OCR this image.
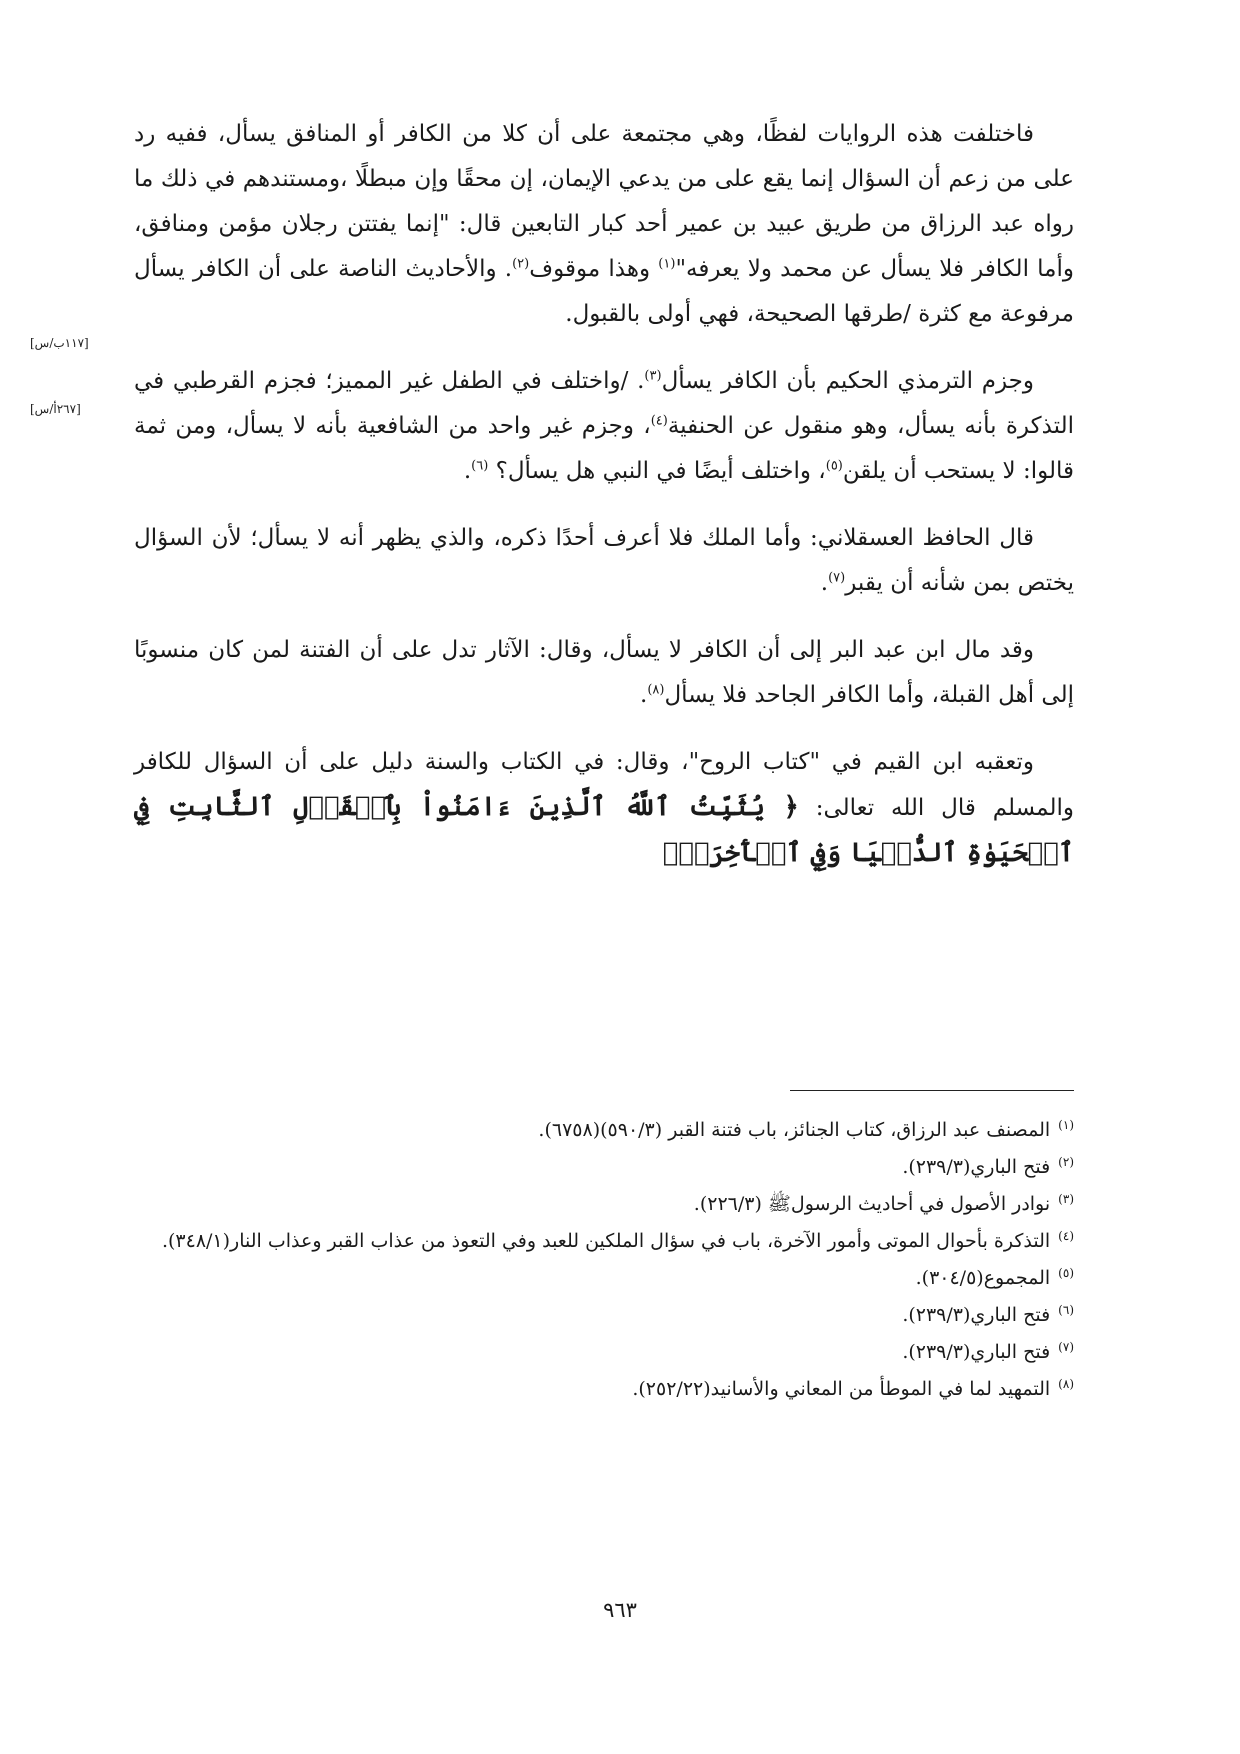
فاختلفت هذه الروايات لفظًا، وهي مجتمعة على أن كلا من الكافر أو المنافق يسأل، ففيه رد على من زعم أن السؤال إنما يقع على من يدعي الإيمان، إن محقًا وإن مبطلًا ،ومستندهم في ذلك ما رواه عبد الرزاق من طريق عبيد بن عمير أحد كبار التابعين قال: "إنما يفتتن رجلان مؤمن ومنافق، وأما الكافر فلا يسأل عن محمد ولا يعرفه"$^{(١)}$ وهذا موقوف$^{(٢)}$. والأحاديث الناصة على أن الكافر يسأل مرفوعة مع كثرة /طرقها الصحيحة، فهي أولى بالقبول.

وجزم الترمذي الحكيم بأن الكافر يسأل$^{(٣)}$. /واختلف في الطفل غير المميز؛ فجزم القرطبي في التذكرة بأنه يسأل، وهو منقول عن الحنفية$^{(٤)}$، وجزم غير واحد من الشافعية بأنه لا يسأل، ومن ثمة قالوا: لا يستحب أن يلقن$^{(٥)}$، واختلف أيضًا في النبي هل يسأل؟ $^{(٦)}$.

قال الحافظ العسقلاني: وأما الملك فلا أعرف أحدًا ذكره، والذي يظهر أنه لا يسأل؛ لأن السؤال يختص بمن شأنه أن يقبر$^{(٧)}$.

وقد مال ابن عبد البر إلى أن الكافر لا يسأل، وقال: الآثار تدل على أن الفتنة لمن كان منسوبًا إلى أهل القبلة، وأما الكافر الجاحد فلا يسأل$^{(٨)}$.

وتعقبه ابن القيم في "كتاب الروح"، وقال: في الكتاب والسنة دليل على أن السؤال للكافر والمسلم قال الله تعالى: ﴿ يُثَبِّتُ ٱللَّهُ ٱلَّذِينَ ءَامَنُواْ بِٱلۡقَوۡلِ ٱلثَّابِتِ فِي ٱلۡحَيَوٰةِ ٱلدُّنۡيَا وَفِي ٱلۡأٓخِرَةِۖ

[١١٧ب/س]
[٢٦٧أ/س]

$^{(١)}$المصنف عبد الرزاق، كتاب الجنائز، باب فتنة القبر (٥٩٠/٣)(٦٧٥٨).

$^{(٢)}$فتح الباري(٢٣٩/٣).

$^{(٣)}$نوادر الأصول في أحاديث الرسولﷺ (٢٢٦/٣).

$^{(٤)}$التذكرة بأحوال الموتى وأمور الآخرة، باب في سؤال الملكين للعبد وفي التعوذ من عذاب القبر وعذاب النار(٣٤٨/١).

$^{(٥)}$المجموع(٣٠٤/٥).

$^{(٦)}$فتح الباري(٢٣٩/٣).

$^{(٧)}$فتح الباري(٢٣٩/٣).

$^{(٨)}$التمهيد لما في الموطأ من المعاني والأسانيد(٢٥٢/٢٢).

٩٦٣
